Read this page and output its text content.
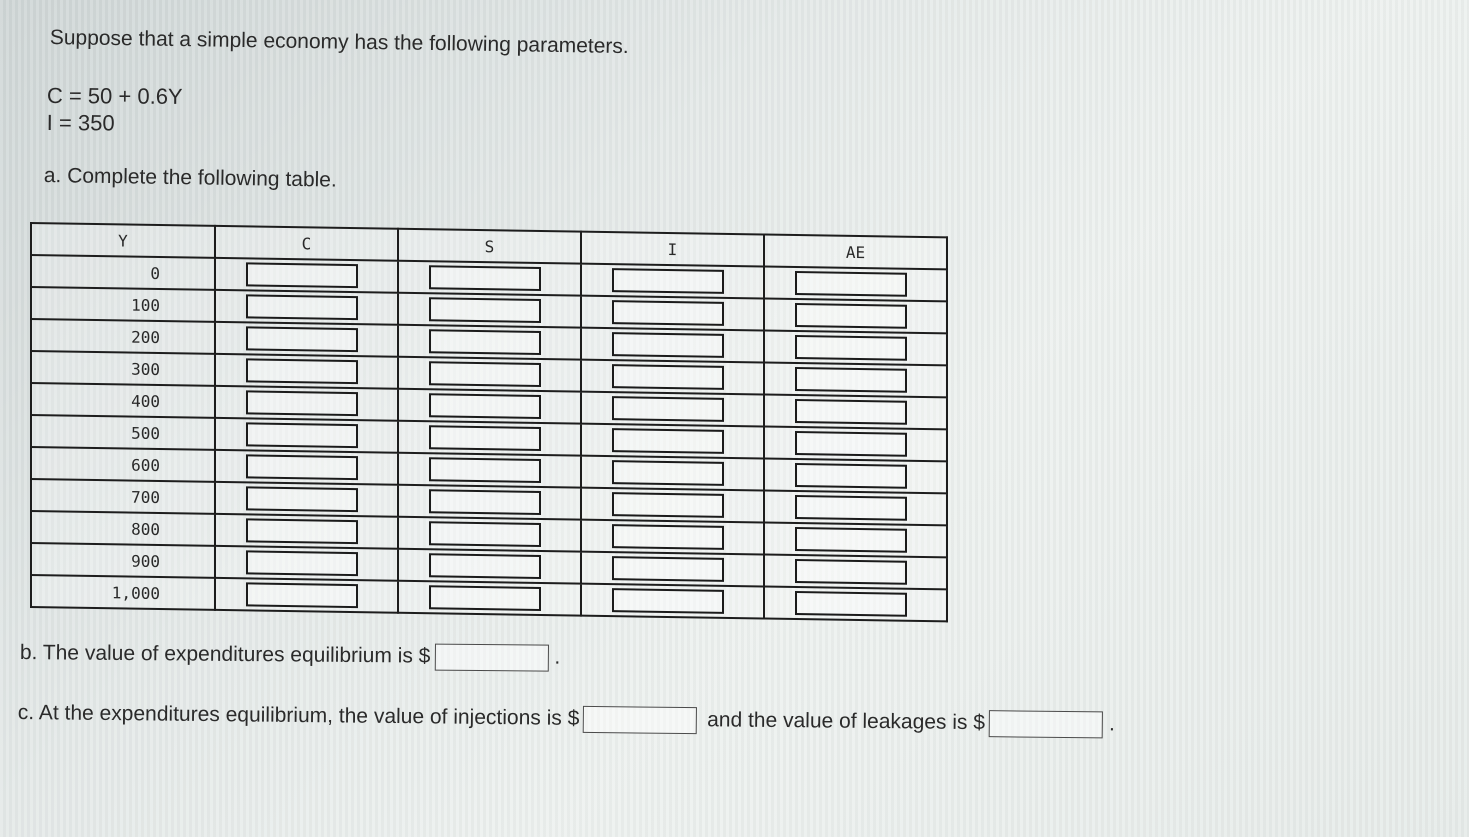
Suppose that a simple economy has the following parameters.
C = 50 + 0.6Y
I = 350
a. Complete the following table.
Y	C	S	I	AE
0				
100				
200				
300				
400				
500				
600				
700				
800				
900				
1,000				
b. The value of expenditures equilibrium is $	.
c. At the expenditures equilibrium, the value of injections is $	and the value of leakages is $	.
